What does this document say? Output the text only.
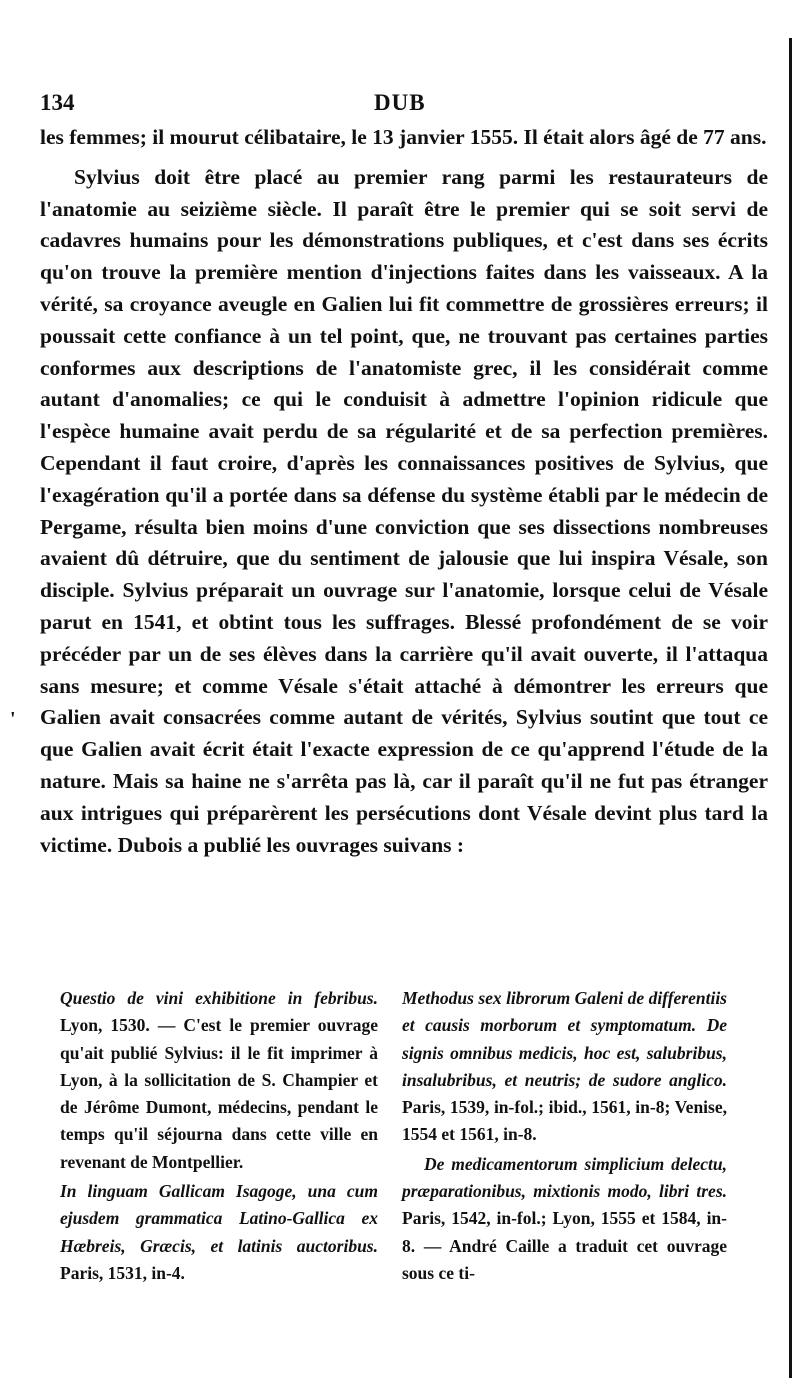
134	DUB

les femmes; il mourut célibataire, le 13 janvier 1555. Il était alors âgé de 77 ans.

Sylvius doit être placé au premier rang parmi les restaurateurs de l'anatomie au seizième siècle. Il paraît être le premier qui se soit servi de cadavres humains pour les démonstrations publiques, et c'est dans ses écrits qu'on trouve la première mention d'injections faites dans les vaisseaux. A la vérité, sa croyance aveugle en Galien lui fit commettre de grossières erreurs; il poussait cette confiance à un tel point, que, ne trouvant pas certaines parties conformes aux descriptions de l'anatomiste grec, il les considérait comme autant d'anomalies; ce qui le conduisit à admettre l'opinion ridicule que l'espèce humaine avait perdu de sa régularité et de sa perfection premières. Cependant il faut croire, d'après les connaissances positives de Sylvius, que l'exagération qu'il a portée dans sa défense du système établi par le médecin de Pergame, résulta bien moins d'une conviction que ses dissections nombreuses avaient dû détruire, que du sentiment de jalousie que lui inspira Vésale, son disciple. Sylvius préparait un ouvrage sur l'anatomie, lorsque celui de Vésale parut en 1541, et obtint tous les suffrages. Blessé profondément de se voir précéder par un de ses élèves dans la carrière qu'il avait ouverte, il l'attaqua sans mesure; et comme Vésale s'était attaché à démontrer les erreurs que Galien avait consacrées comme autant de vérités, Sylvius soutint que tout ce que Galien avait écrit était l'exacte expression de ce qu'apprend l'étude de la nature. Mais sa haine ne s'arrêta pas là, car il paraît qu'il ne fut pas étranger aux intrigues qui préparèrent les persécutions dont Vésale devint plus tard la victime. Dubois a publié les ouvrages suivans :

'

Questio de vini exhibitione in febribus. Lyon, 1530. — C'est le premier ouvrage qu'ait publié Sylvius: il le fit imprimer à Lyon, à la sollicitation de S. Champier et de Jérôme Dumont, médecins, pendant le temps qu'il séjourna dans cette ville en revenant de Montpellier.

In linguam Gallicam Isagoge, una cum ejusdem grammatica Latino-Gallica ex Hæbreis, Græcis, et latinis auctoribus. Paris, 1531, in-4.

Methodus sex librorum Galeni de differentiis et causis morborum et symptomatum. De signis omnibus medicis, hoc est, salubribus, insalubribus, et neutris; de sudore anglico. Paris, 1539, in-fol.; ibid., 1561, in-8; Venise, 1554 et 1561, in-8.

De medicamentorum simplicium delectu, præparationibus, mixtionis modo, libri tres. Paris, 1542, in-fol.; Lyon, 1555 et 1584, in-8. — André Caille a traduit cet ouvrage sous ce ti-
